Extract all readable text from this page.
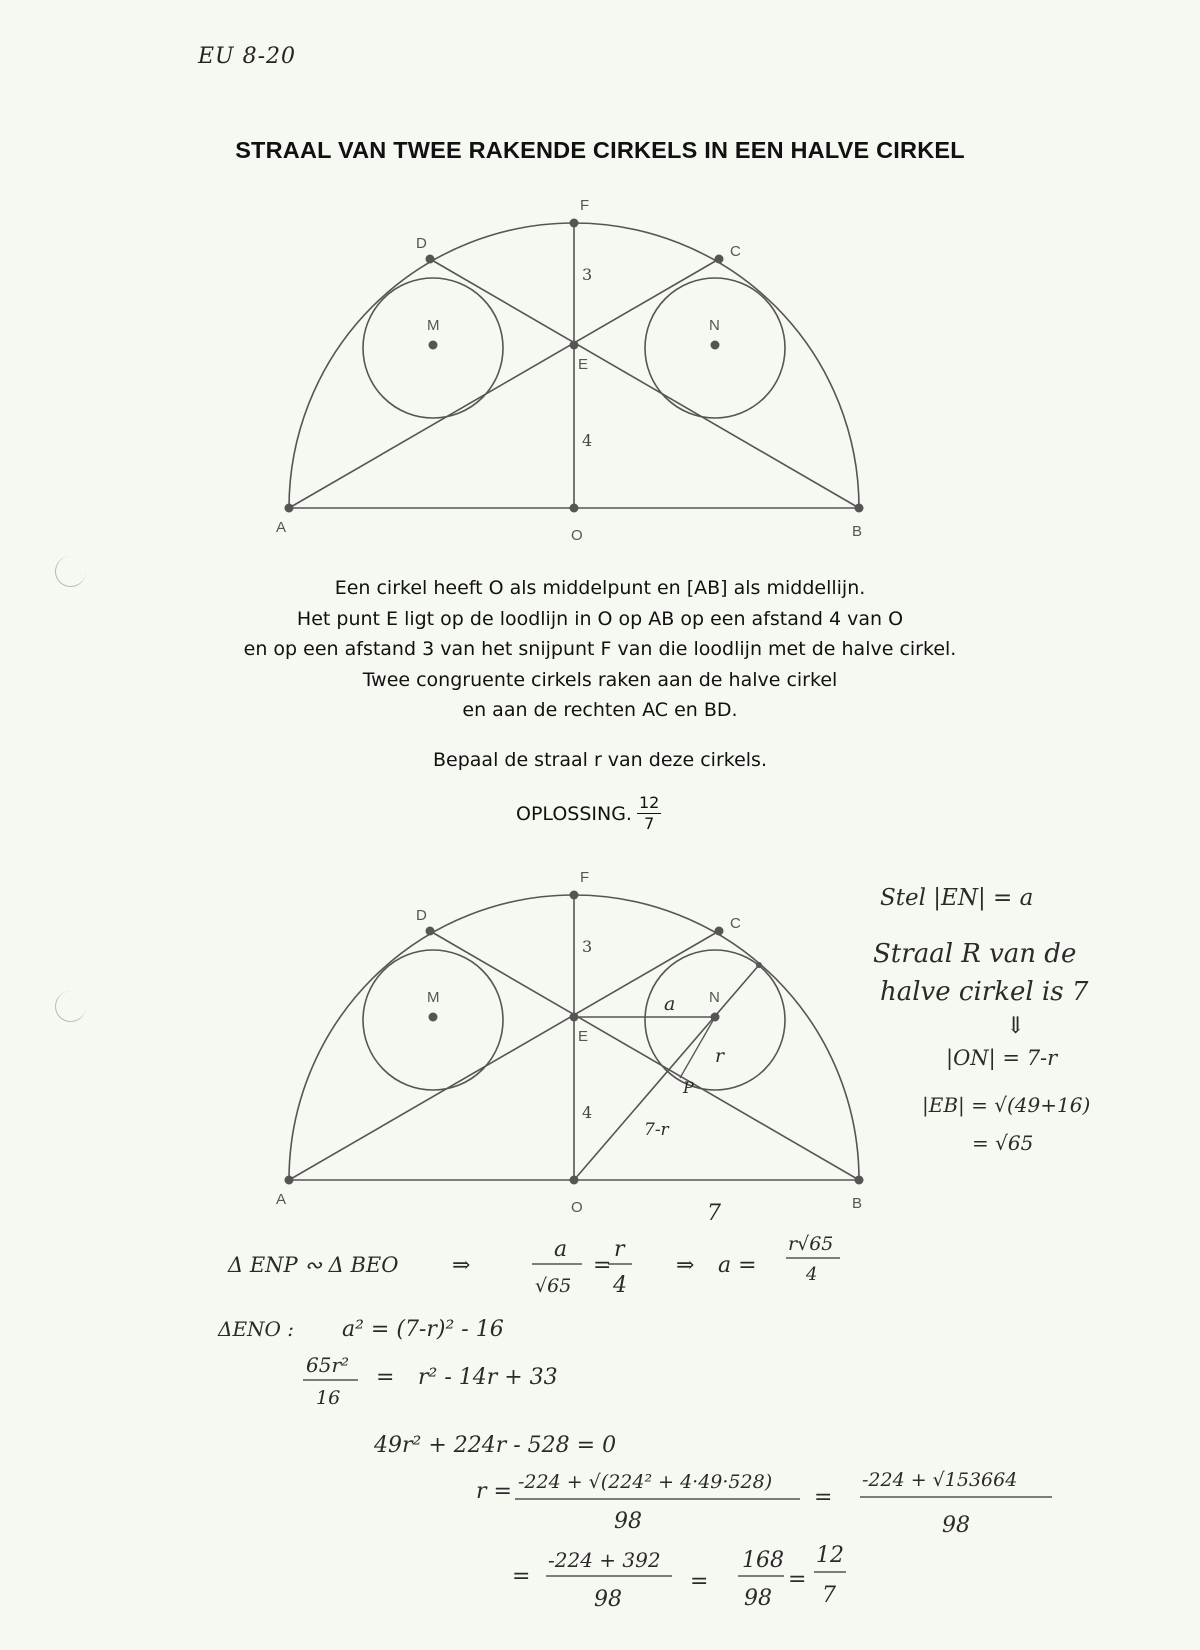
EU 8-20
STRAAL VAN TWEE RAKENDE CIRKELS IN EEN HALVE CIRKEL
A	B
O
F
E
C
D
M	N
3
4

Een cirkel heeft O als middelpunt en [AB] als middellijn.

Het punt E ligt op de loodlijn in O op AB op een afstand 4 van O

en op een afstand 3 van het snijpunt F van die loodlijn met de halve cirkel.

Twee congruente cirkels raken aan de halve cirkel

en aan de rechten AC en BD.

Bepaal de straal r van deze cirkels.
OPLOSSING. $\frac{12}{7}$
A	B
O
F
E
C
D
M	N
3
4
a
r
P
7-r
7
Stel |EN| = a
Straal R van de
halve cirkel is 7
⇓
|ON| = 7-r
|EB| = √(49+16)
= √65
Δ ENP ∾ Δ BEO ⇒
a
√65
=
r
4
⇒ a =
r√65
4
ΔENO : a² = (7-r)² - 16
65r²
16
= r² - 14r + 33
49r² + 224r - 528 = 0
r = -224 + √(224² + 4·49·528)
98
=
-224 + √153664
98
=
-224 + 392
98
=
168
98
=
12
7
